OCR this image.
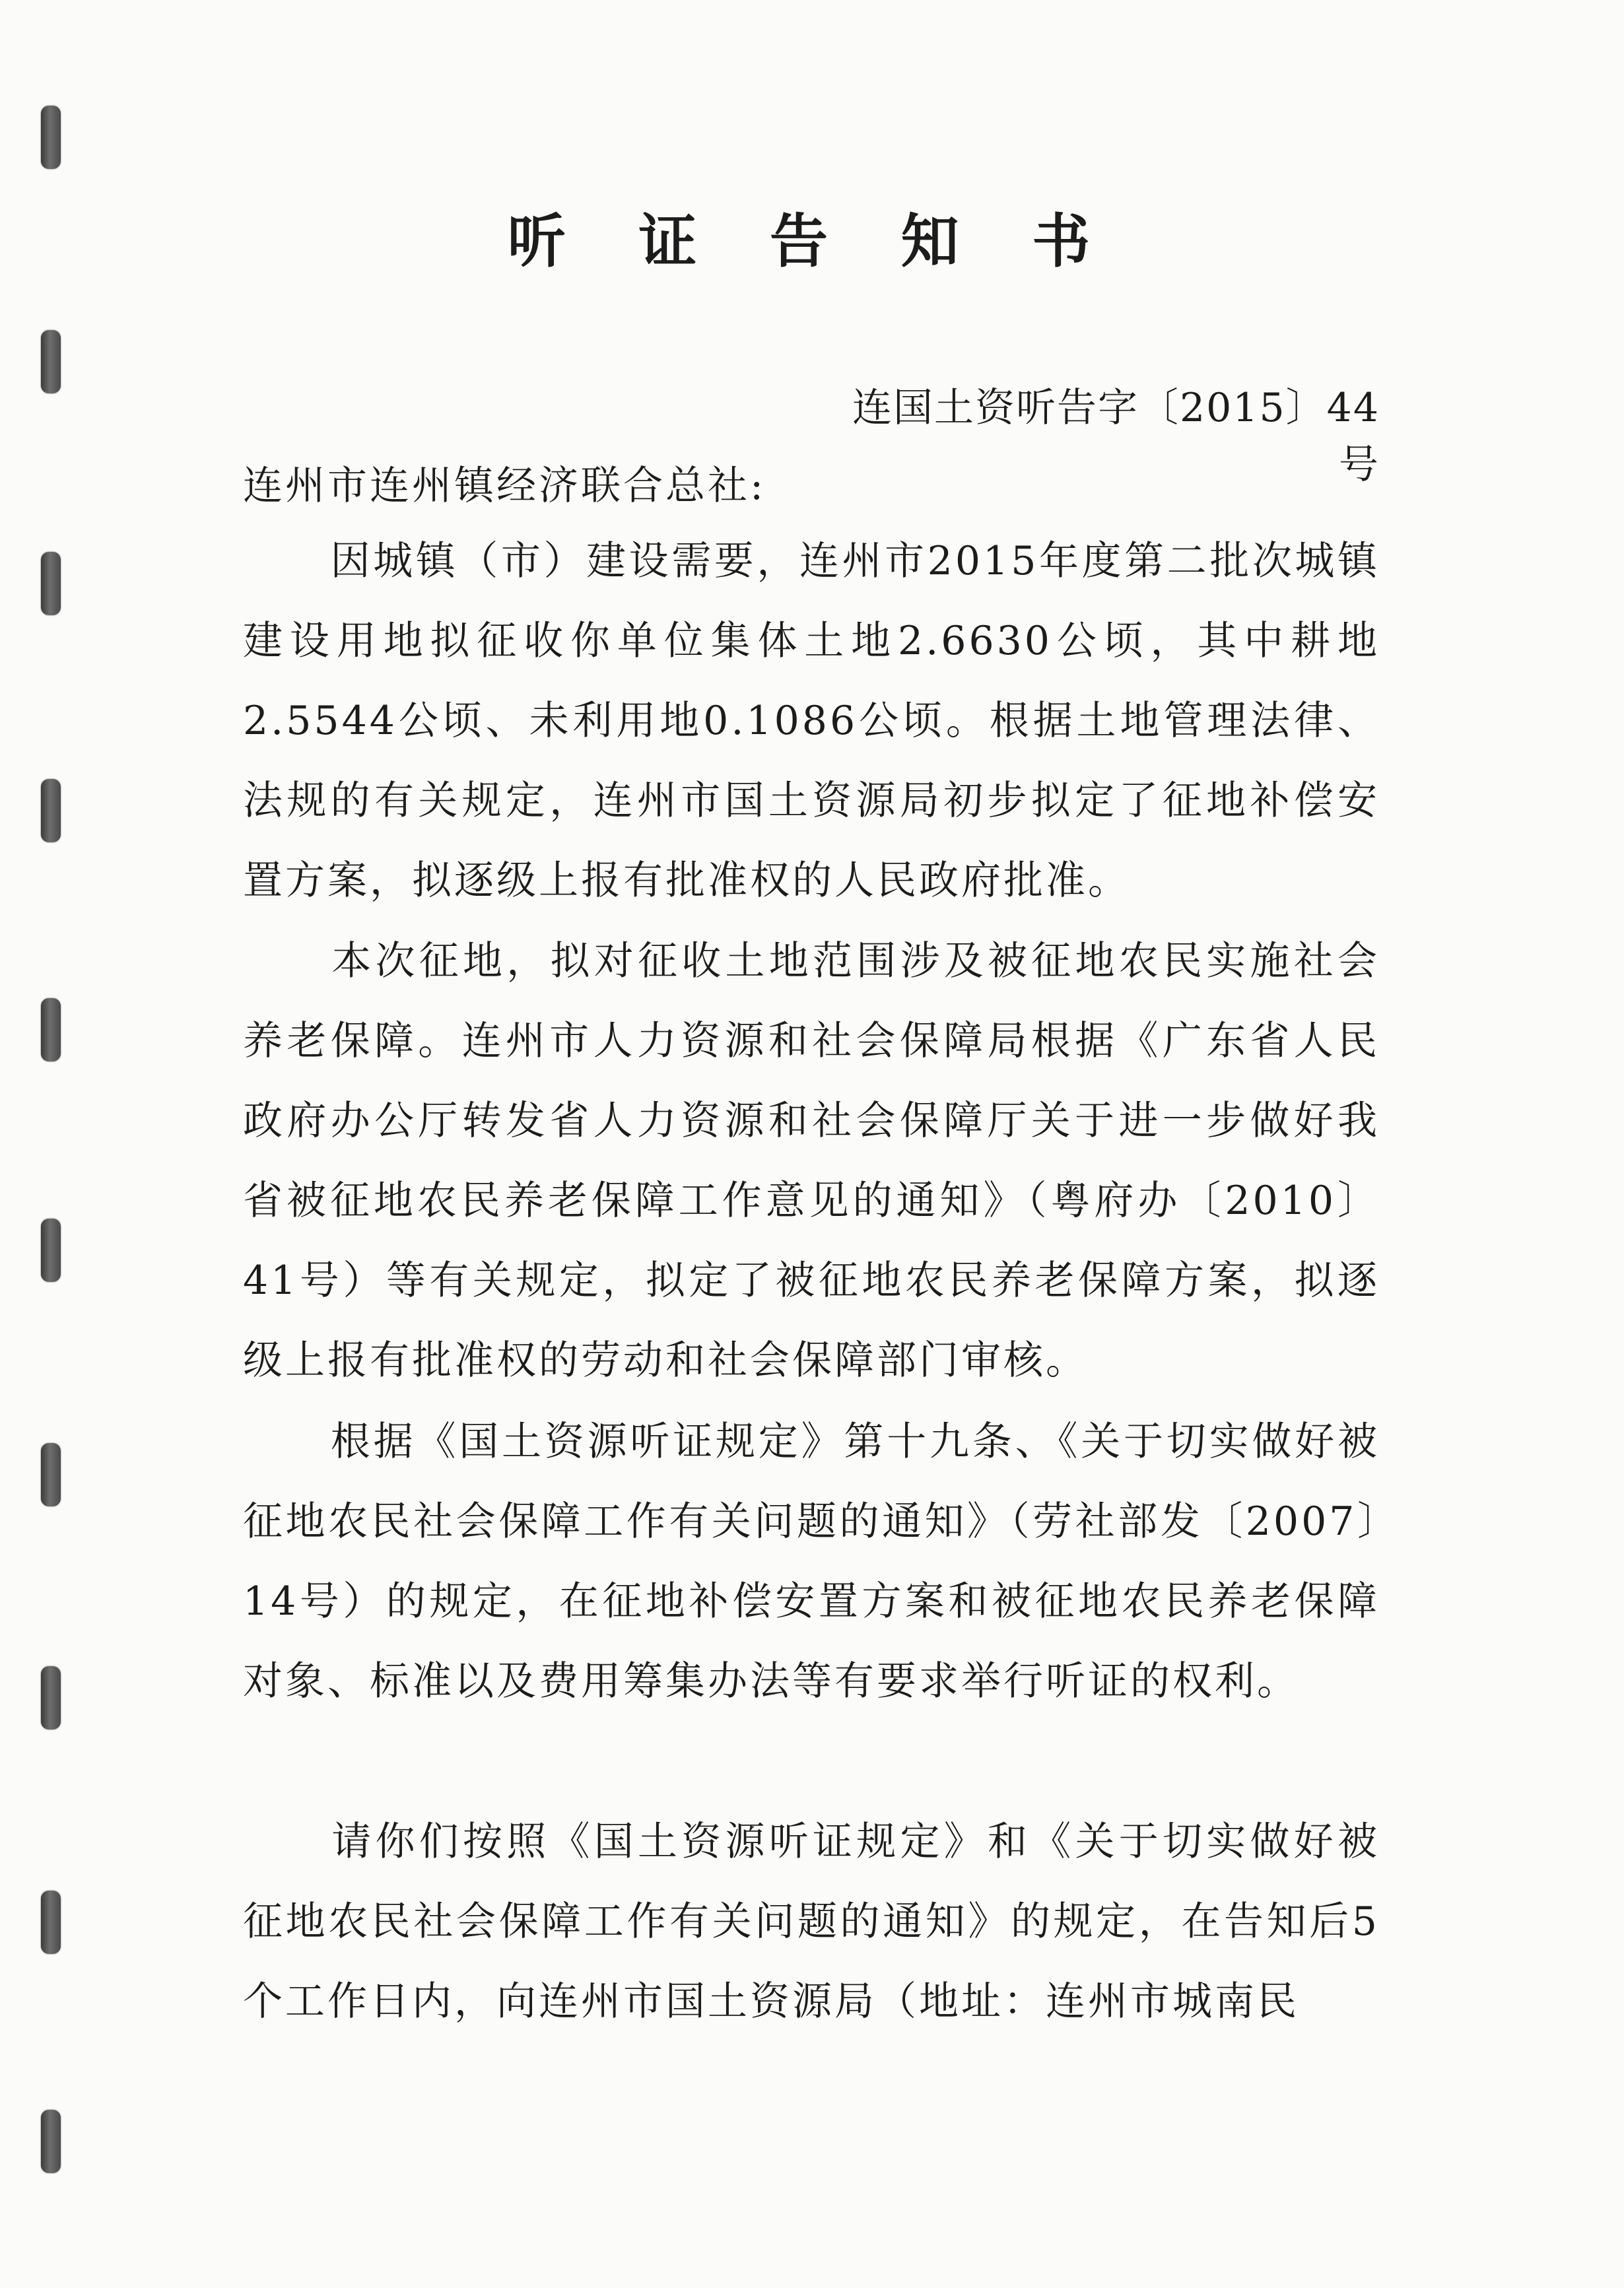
听 证 告 知 书

连国土资听告字〔2015〕44号

连州市连州镇经济联合总社:

因城镇（市）建设需要，连州市2015年度第二批次城镇建设用地拟征收你单位集体土地2.6630公顷，其中耕地2.5544公顷、未利用地0.1086公顷。根据土地管理法律、法规的有关规定，连州市国土资源局初步拟定了征地补偿安置方案，拟逐级上报有批准权的人民政府批准。

本次征地，拟对征收土地范围涉及被征地农民实施社会养老保障。连州市人力资源和社会保障局根据《广东省人民政府办公厅转发省人力资源和社会保障厅关于进一步做好我省被征地农民养老保障工作意见的通知》（粤府办〔2010〕41号）等有关规定，拟定了被征地农民养老保障方案，拟逐级上报有批准权的劳动和社会保障部门审核。

根据《国土资源听证规定》第十九条、《关于切实做好被征地农民社会保障工作有关问题的通知》（劳社部发〔2007〕14号）的规定，在征地补偿安置方案和被征地农民养老保障对象、标准以及费用筹集办法等有要求举行听证的权利。

请你们按照《国土资源听证规定》和《关于切实做好被征地农民社会保障工作有关问题的通知》的规定，在告知后5个工作日内，向连州市国土资源局（地址：连州市城南民
